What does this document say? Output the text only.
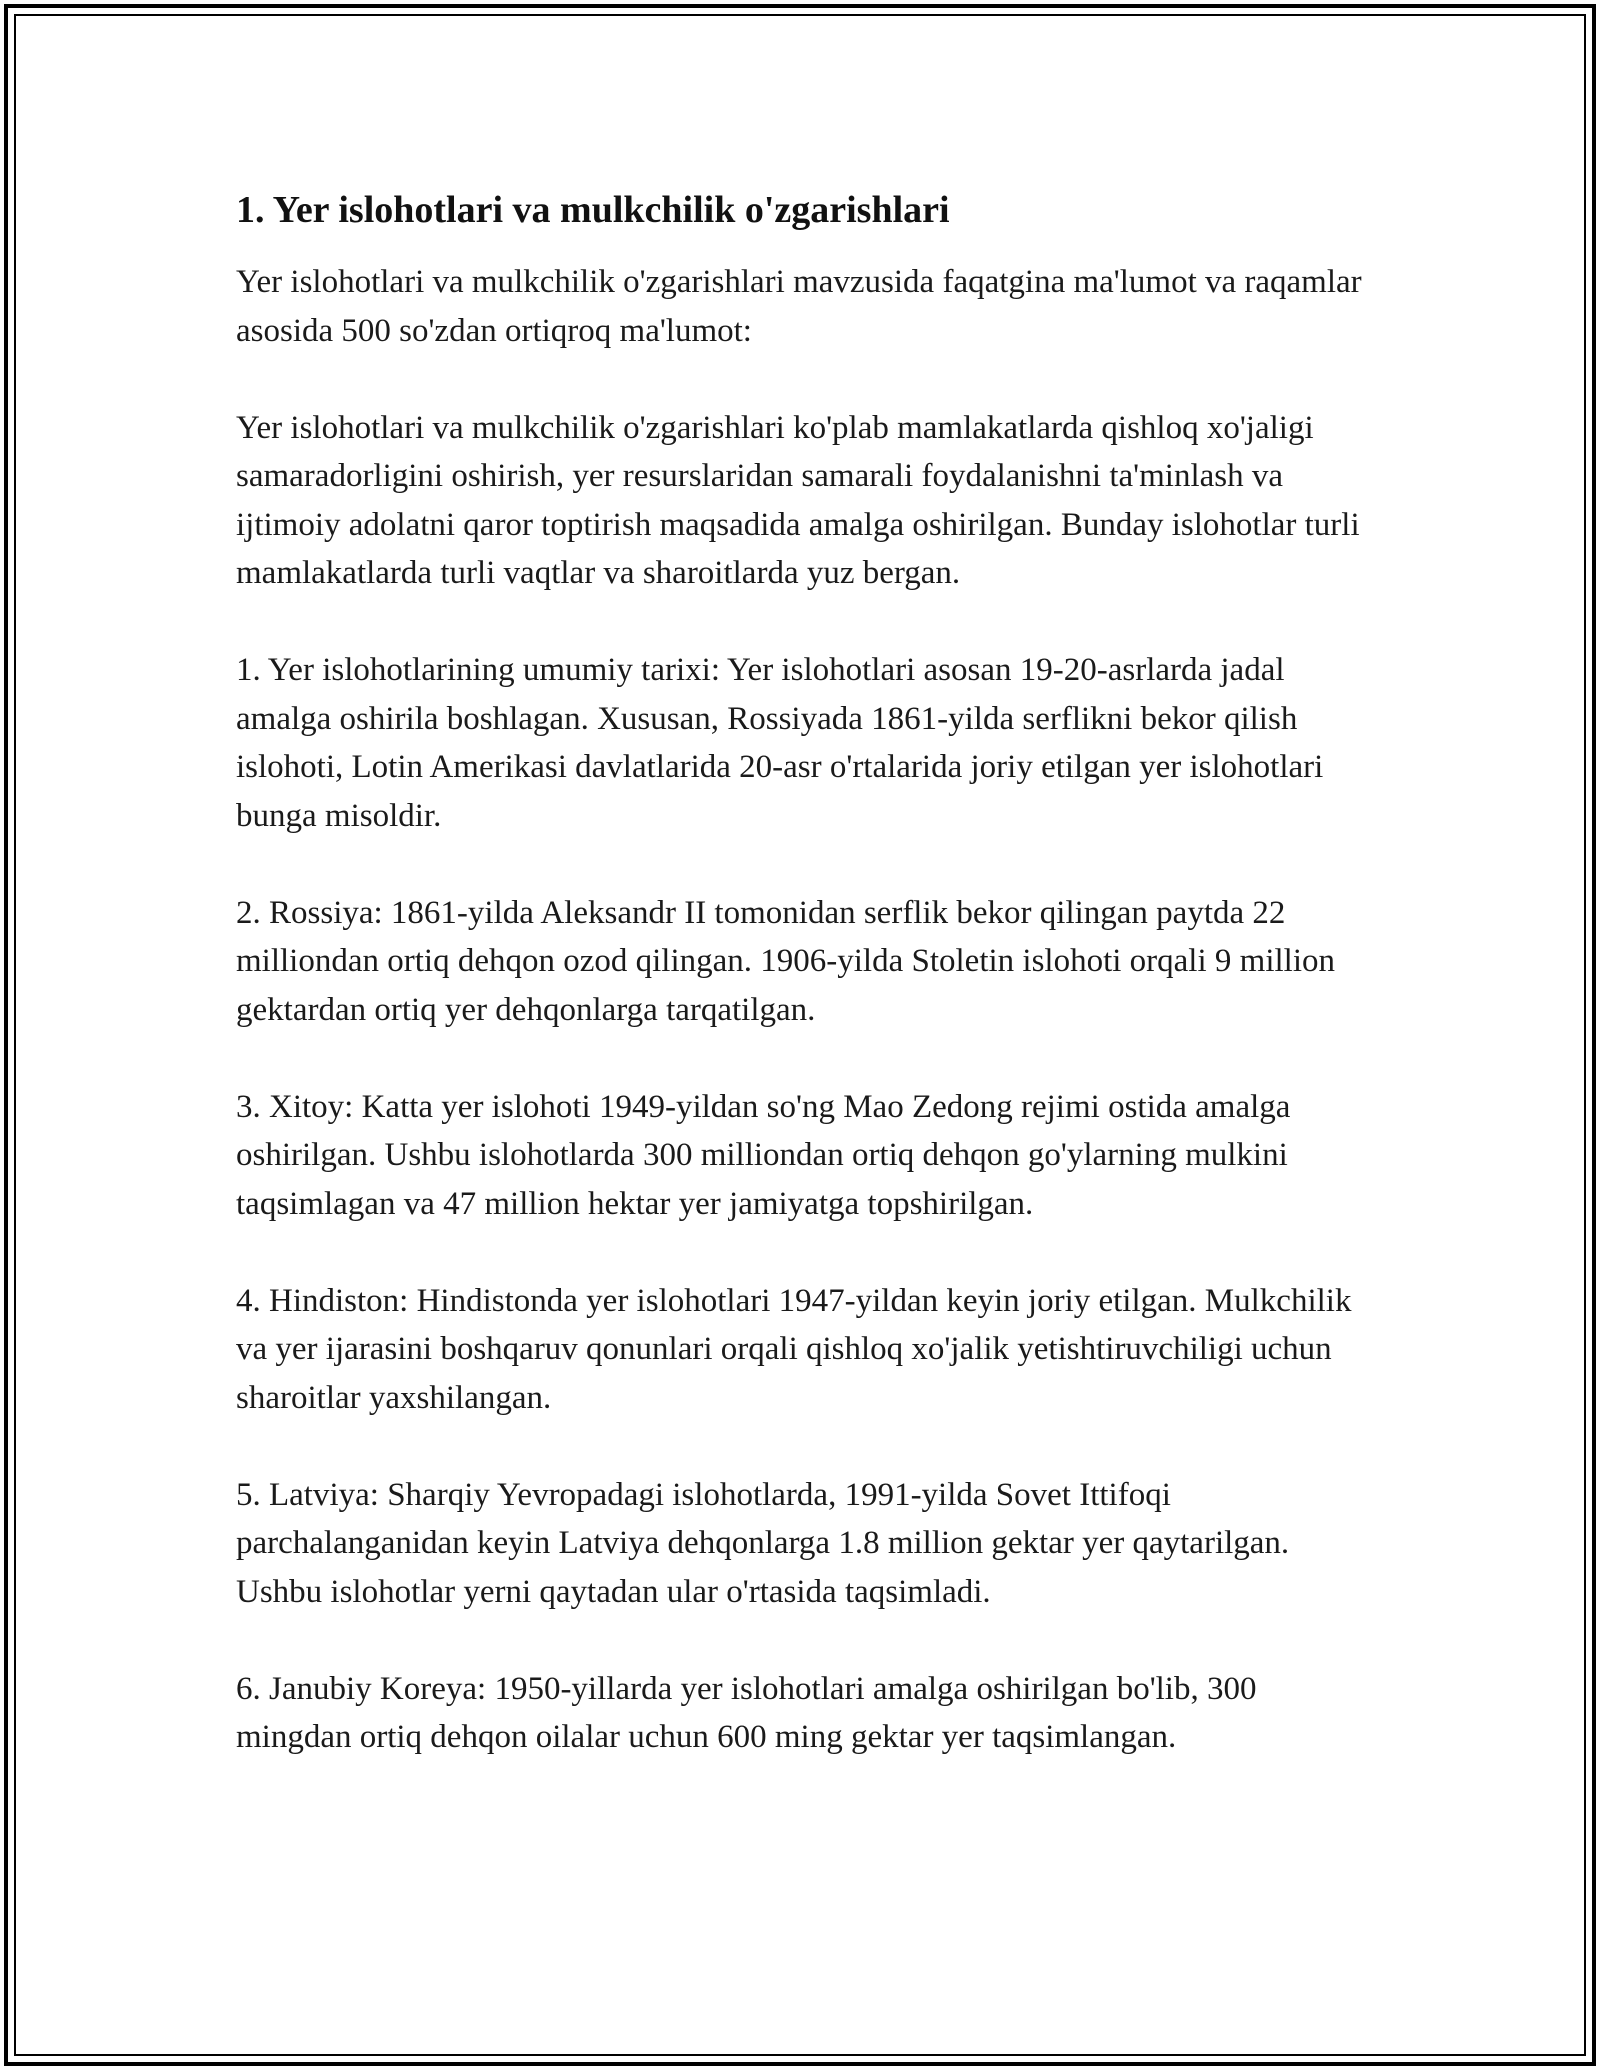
1. Yer islohotlari va mulkchilik o'zgarishlari

Yer islohotlari va mulkchilik o'zgarishlari mavzusida faqatgina ma'lumot va raqamlar asosida 500 so'zdan ortiqroq ma'lumot:

Yer islohotlari va mulkchilik o'zgarishlari ko'plab mamlakatlarda qishloq xo'jaligi samaradorligini oshirish, yer resurslaridan samarali foydalanishni ta'minlash va ijtimoiy adolatni qaror toptirish maqsadida amalga oshirilgan. Bunday islohotlar turli mamlakatlarda turli vaqtlar va sharoitlarda yuz bergan.

1. Yer islohotlarining umumiy tarixi: Yer islohotlari asosan 19-20-asrlarda jadal amalga oshirila boshlagan. Xususan, Rossiyada 1861-yilda serflikni bekor qilish islohoti, Lotin Amerikasi davlatlarida 20-asr o'rtalarida joriy etilgan yer islohotlari bunga misoldir.

2. Rossiya: 1861-yilda Aleksandr II tomonidan serflik bekor qilingan paytda 22 milliondan ortiq dehqon ozod qilingan. 1906-yilda Stoletin islohoti orqali 9 million gektardan ortiq yer dehqonlarga tarqatilgan.

3. Xitoy: Katta yer islohoti 1949-yildan so'ng Mao Zedong rejimi ostida amalga oshirilgan. Ushbu islohotlarda 300 milliondan ortiq dehqon go'ylarning mulkini taqsimlagan va 47 million hektar yer jamiyatga topshirilgan.

4. Hindiston: Hindistonda yer islohotlari 1947-yildan keyin joriy etilgan. Mulkchilik va yer ijarasini boshqaruv qonunlari orqali qishloq xo'jalik yetishtiruvchiligi uchun sharoitlar yaxshilangan.

5. Latviya: Sharqiy Yevropadagi islohotlarda, 1991-yilda Sovet Ittifoqi parchalanganidan keyin Latviya dehqonlarga 1.8 million gektar yer qaytarilgan. Ushbu islohotlar yerni qaytadan ular o'rtasida taqsimladi.

6. Janubiy Koreya: 1950-yillarda yer islohotlari amalga oshirilgan bo'lib, 300 mingdan ortiq dehqon oilalar uchun 600 ming gektar yer taqsimlangan.
